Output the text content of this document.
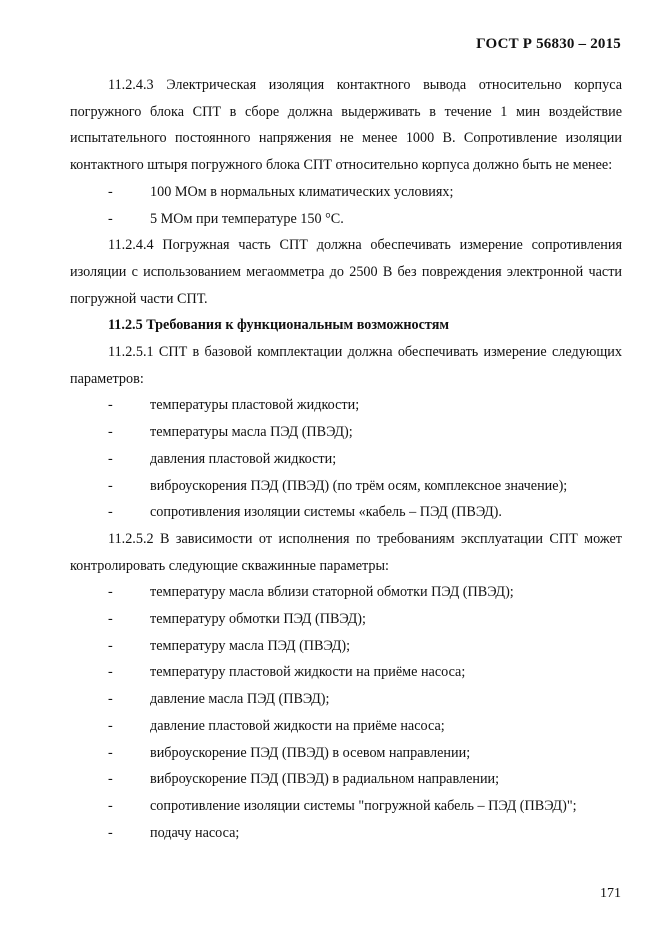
ГОСТ Р 56830 – 2015

11.2.4.3 Электрическая изоляция контактного вывода относительно корпуса погружного блока СПТ в сборе должна выдерживать в течение 1 мин воздействие испытательного постоянного напряжения не менее 1000 В. Сопротивление изоляции контактного штыря погружного блока СПТ относительно корпуса должно быть не менее:

-	100 МОм в нормальных климатических условиях;

-	5 МОм при температуре 150 °С.

11.2.4.4 Погружная часть СПТ должна обеспечивать измерение сопротивления изоляции с использованием мегаомметра до 2500 В без повреждения электронной части погружной части СПТ.

11.2.5 Требования к функциональным возможностям

11.2.5.1 СПТ в базовой комплектации должна обеспечивать измерение следующих параметров:

-	температуры пластовой жидкости;

-	температуры масла ПЭД (ПВЭД);

-	давления пластовой жидкости;

-	виброускорения ПЭД (ПВЭД) (по трём осям, комплексное значение);

-	сопротивления изоляции системы «кабель – ПЭД (ПВЭД).

11.2.5.2 В зависимости от исполнения по требованиям эксплуатации СПТ может контролировать следующие скважинные параметры:

-	температуру масла вблизи статорной обмотки ПЭД (ПВЭД);

-	температуру обмотки ПЭД (ПВЭД);

-	температуру масла ПЭД (ПВЭД);

-	температуру пластовой жидкости на приёме насоса;

-	давление масла ПЭД (ПВЭД);

-	давление пластовой жидкости на приёме насоса;

-	виброускорение ПЭД (ПВЭД) в осевом направлении;

-	виброускорение ПЭД (ПВЭД) в радиальном направлении;

-	сопротивление изоляции системы "погружной кабель – ПЭД (ПВЭД)";

-	подачу насоса;

171
